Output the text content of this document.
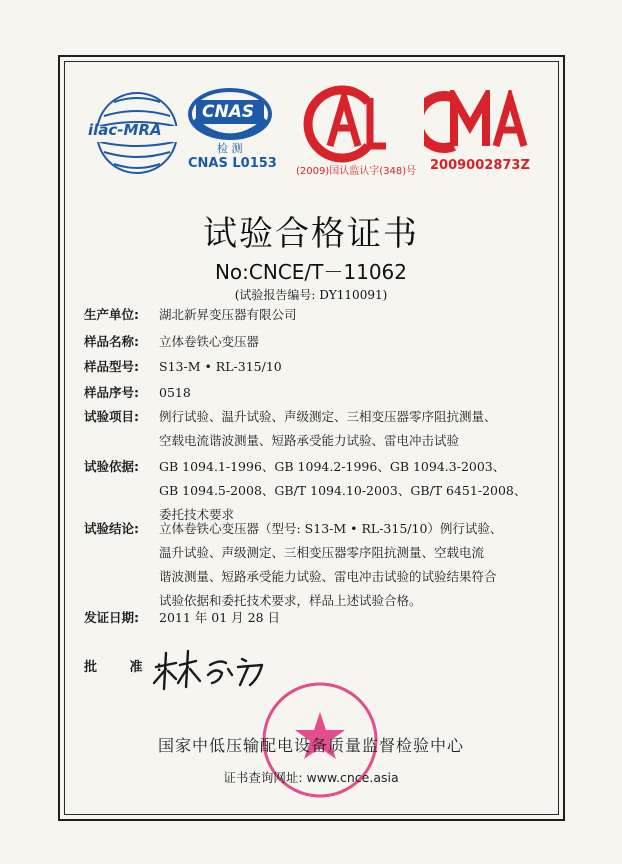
ilac-MRA
CNAS
检 测
CNAS L0153
(2009)国认监认字(348)号 2009002873Z
试验合格证书
No:CNCE/T－11062
(试验报告编号: DY110091)
生产单位: 湖北新昇变压器有限公司
样品名称: 立体卷铁心变压器
样品型号: S13-M • RL-315/10
样品序号: 0518
试验项目: 例行试验、温升试验、声级测定、三相变压器零序阻抗测量、
空载电流谐波测量、短路承受能力试验、雷电冲击试验
试验依据: GB 1094.1-1996、GB 1094.2-1996、GB 1094.3-2003、
GB 1094.5-2008、GB/T 1094.10-2003、GB/T 6451-2008、
委托技术要求
试验结论: 立体卷铁心变压器（型号: S13-M • RL-315/10）例行试验、
温升试验、声级测定、三相变压器零序阻抗测量、空载电流
谐波测量、短路承受能力试验、雷电冲击试验的试验结果符合
试验依据和委托技术要求，样品上述试验合格。
发证日期: 2011 年 01 月 28 日
批 准:
国家中低压输配电设备质量监督检验中心
证书查询网址: www.cnce.asia
